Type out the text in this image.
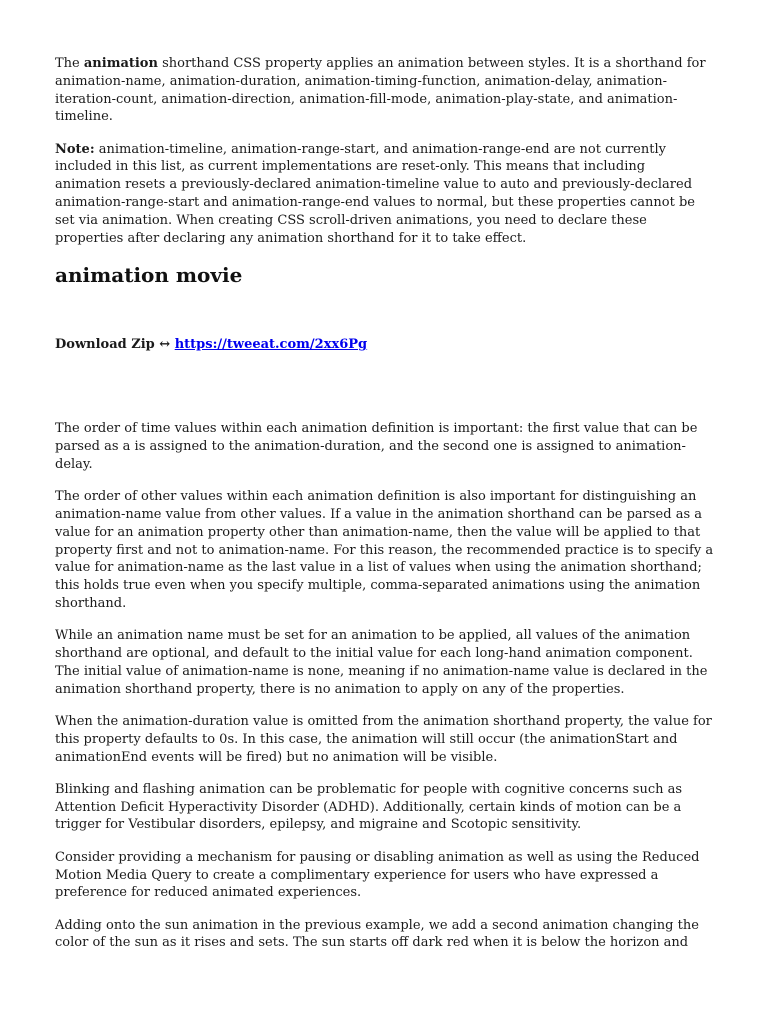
The animation shorthand CSS property applies an animation between styles. It is a shorthand for animation-name, animation-duration, animation-timing-function, animation-delay, animation-iteration-count, animation-direction, animation-fill-mode, animation-play-state, and animation-timeline.

Note: animation-timeline, animation-range-start, and animation-range-end are not currently included in this list, as current implementations are reset-only. This means that including animation resets a previously-declared animation-timeline value to auto and previously-declared animation-range-start and animation-range-end values to normal, but these properties cannot be set via animation. When creating CSS scroll-driven animations, you need to declare these properties after declaring any animation shorthand for it to take effect.

animation movie

Download Zip ↔ https://tweeat.com/2xx6Pg

The order of time values within each animation definition is important: the first value that can be parsed as a is assigned to the animation-duration, and the second one is assigned to animation-delay.

The order of other values within each animation definition is also important for distinguishing an animation-name value from other values. If a value in the animation shorthand can be parsed as a value for an animation property other than animation-name, then the value will be applied to that property first and not to animation-name. For this reason, the recommended practice is to specify a value for animation-name as the last value in a list of values when using the animation shorthand; this holds true even when you specify multiple, comma-separated animations using the animation shorthand.

While an animation name must be set for an animation to be applied, all values of the animation shorthand are optional, and default to the initial value for each long-hand animation component. The initial value of animation-name is none, meaning if no animation-name value is declared in the animation shorthand property, there is no animation to apply on any of the properties.

When the animation-duration value is omitted from the animation shorthand property, the value for this property defaults to 0s. In this case, the animation will still occur (the animationStart and animationEnd events will be fired) but no animation will be visible.

Blinking and flashing animation can be problematic for people with cognitive concerns such as Attention Deficit Hyperactivity Disorder (ADHD). Additionally, certain kinds of motion can be a trigger for Vestibular disorders, epilepsy, and migraine and Scotopic sensitivity.

Consider providing a mechanism for pausing or disabling animation as well as using the Reduced Motion Media Query to create a complimentary experience for users who have expressed a preference for reduced animated experiences.

Adding onto the sun animation in the previous example, we add a second animation changing the color of the sun as it rises and sets. The sun starts off dark red when it is below the horizon and
